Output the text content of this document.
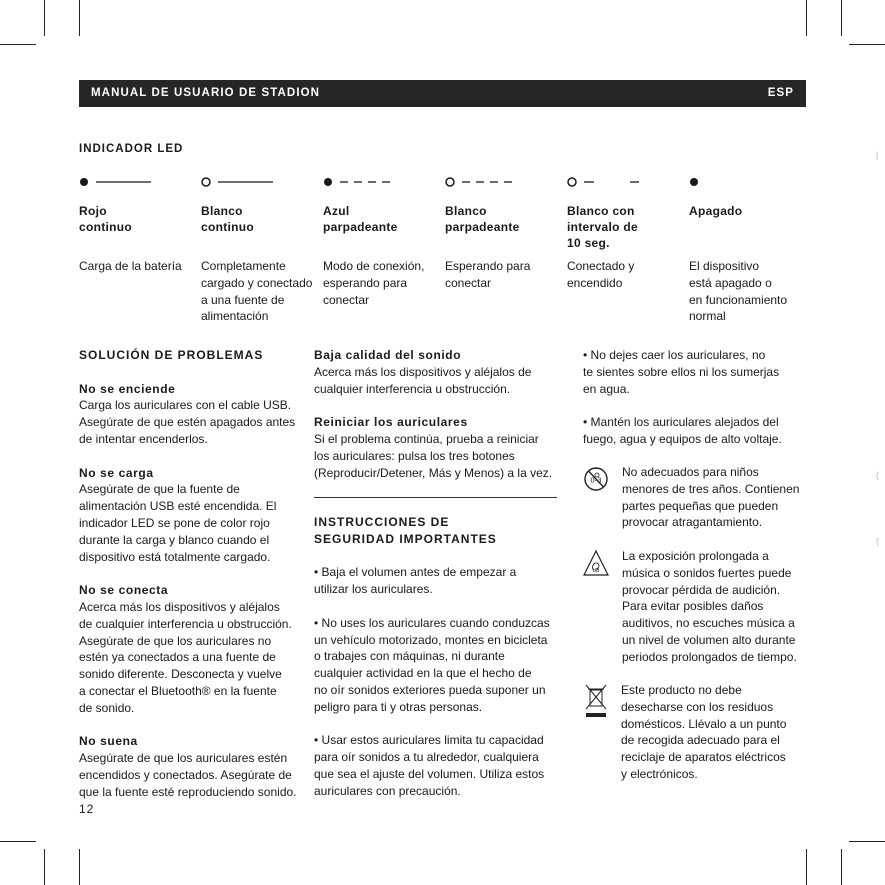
MANUAL DE USUARIO DE STADION	ESP
INDICADOR LED
Rojo
continuo
Carga de la batería
Blanco
continuo
Completamente
cargado y conectado
a una fuente de
alimentación
Azul
parpadeante
Modo de conexión,
esperando para
conectar
Blanco
parpadeante
Esperando para
conectar
Blanco con
intervalo de
10 seg.
Conectado y
encendido
Apagado
El dispositivo
está apagado o
en funcionamiento
normal

SOLUCIÓN DE PROBLEMAS

No se enciende

Carga los auriculares con el cable USB.
Asegúrate de que estén apagados antes
de intentar encenderlos.

No se carga

Asegúrate de que la fuente de
alimentación USB esté encendida. El
indicador LED se pone de color rojo
durante la carga y blanco cuando el
dispositivo está totalmente cargado.

No se conecta

Acerca más los dispositivos y aléjalos
de cualquier interferencia u obstrucción.
Asegúrate de que los auriculares no
estén ya conectados a una fuente de
sonido diferente. Desconecta y vuelve
a conectar el Bluetooth® en la fuente
de sonido.

No suena

Asegúrate de que los auriculares estén
encendidos y conectados. Asegúrate de
que la fuente esté reproduciendo sonido.

Baja calidad del sonido

Acerca más los dispositivos y aléjalos de
cualquier interferencia u obstrucción.

Reiniciar los auriculares

Si el problema continúa, prueba a reiniciar
los auriculares: pulsa los tres botones
(Reproducir/Detener, Más y Menos) a la vez.

INSTRUCCIONES DE
SEGURIDAD IMPORTANTES

• Baja el volumen antes de empezar a
utilizar los auriculares.

• No uses los auriculares cuando conduzcas
un vehículo motorizado, montes en bicicleta
o trabajes con máquinas, ni durante
cualquier actividad en la que el hecho de
no oír sonidos exteriores pueda suponer un
peligro para ti y otras personas.

• Usar estos auriculares limita tu capacidad
para oír sonidos a tu alrededor, cualquiera
que sea el ajuste del volumen. Utiliza estos
auriculares con precaución.

• No dejes caer los auriculares, no
te sientes sobre ellos ni los sumerjas
en agua.

• Mantén los auriculares alejados del
fuego, agua y equipos de alto voltaje.

0-3
No adecuados para niños
menores de tres años. Contienen
partes pequeñas que pueden
provocar atragantamiento.
dB
La exposición prolongada a
música o sonidos fuertes puede
provocar pérdida de audición.
Para evitar posibles daños
auditivos, no escuches música a
un nivel de volumen alto durante
periodos prolongados de tiempo.
Este producto no debe
desecharse con los residuos
domésticos. Llévalo a un punto
de recogida adecuado para el
reciclaje de aparatos eléctricos
y electrónicos.
12
|
(
(
